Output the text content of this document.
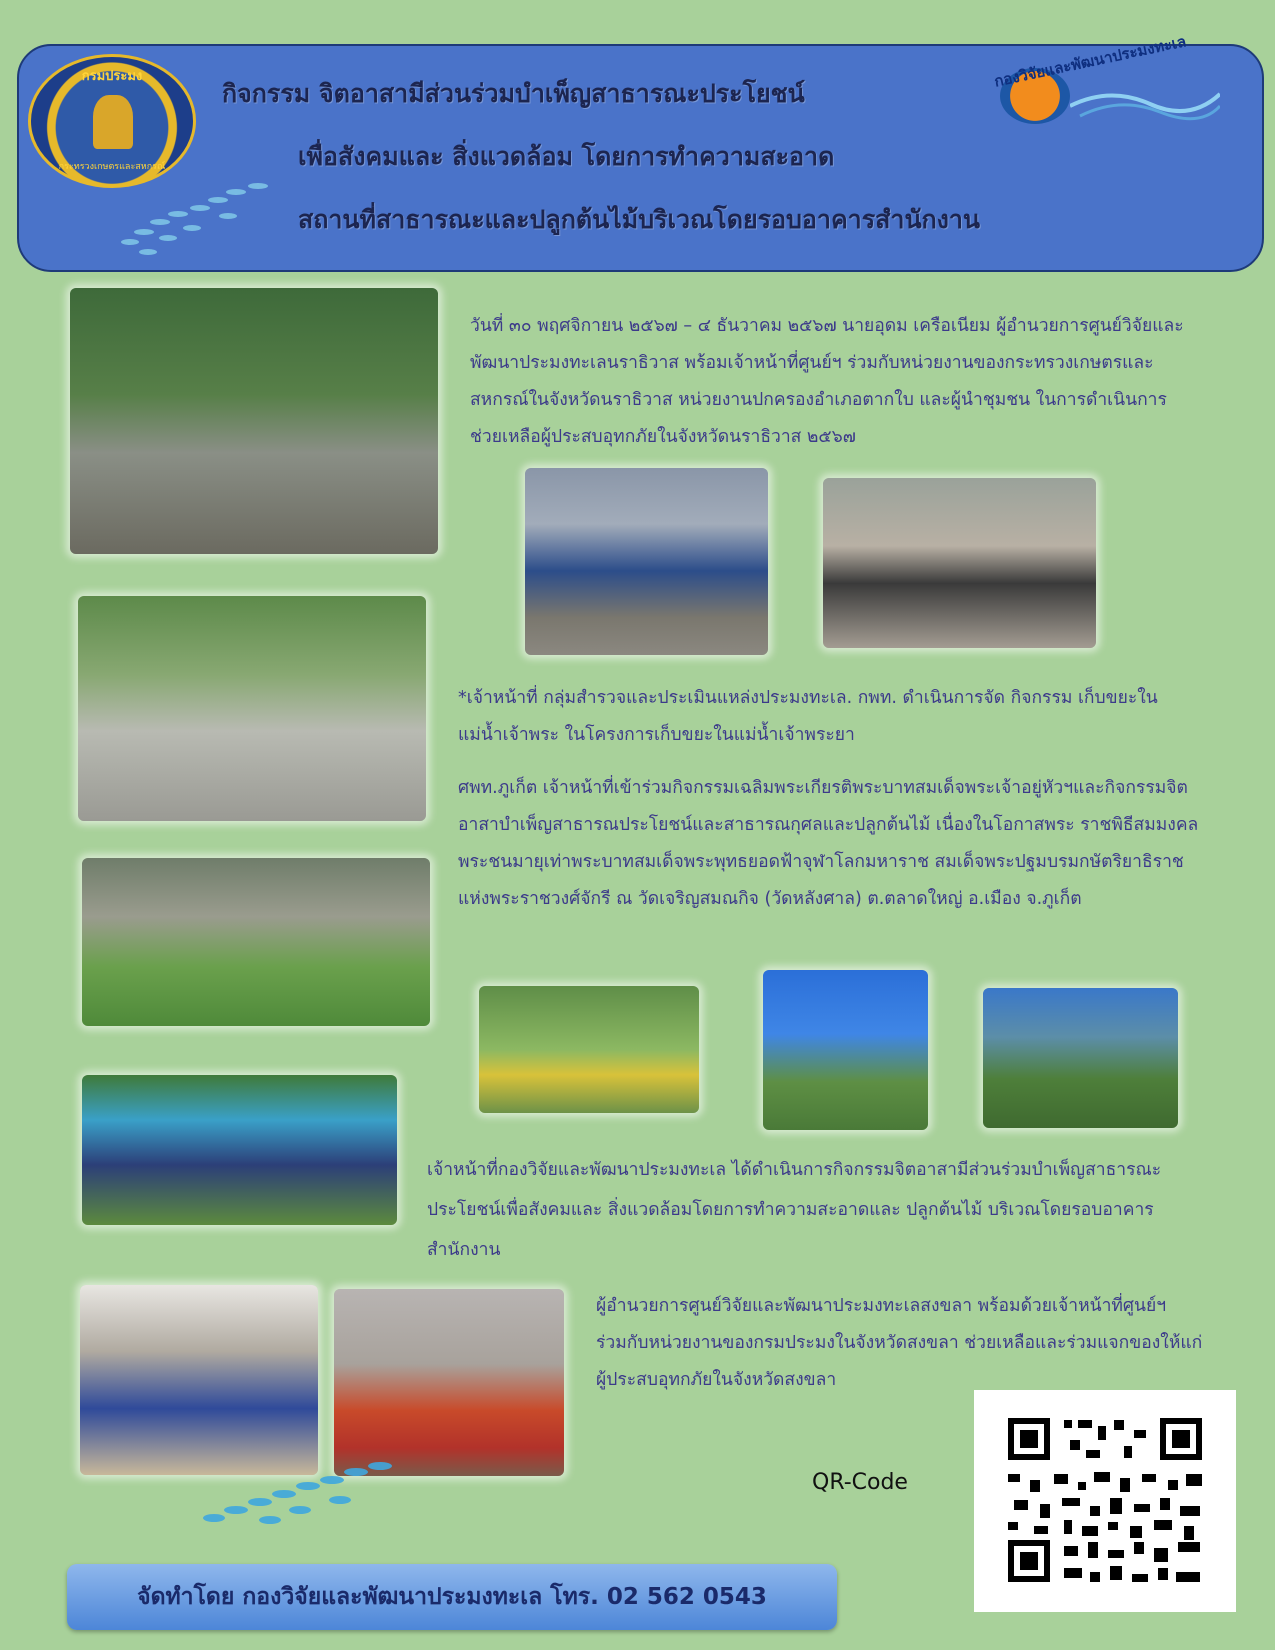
กรมประมง
กระทรวงเกษตรและสหกรณ์
กิจกรรม จิตอาสามีส่วนร่วมบำเพ็ญสาธารณะประโยชน์
เพื่อสังคมและ สิ่งแวดล้อม โดยการทำความสะอาด
สถานที่สาธารณะและปลูกต้นไม้บริเวณโดยรอบอาคารสำนักงาน
กองวิจัยและพัฒนาประมงทะเล
วันที่ ๓๐ พฤศจิกายน ๒๕๖๗ – ๔ ธันวาคม ๒๕๖๗ นายอุดม เครือเนียม ผู้อำนวยการศูนย์วิจัยและ
พัฒนาประมงทะเลนราธิวาส พร้อมเจ้าหน้าที่ศูนย์ฯ ร่วมกับหน่วยงานของกระทรวงเกษตรและ
สหกรณ์ในจังหวัดนราธิวาส หน่วยงานปกครองอำเภอตากใบ และผู้นำชุมชน ในการดำเนินการ
ช่วยเหลือผู้ประสบอุทกภัยในจังหวัดนราธิวาส ๒๕๖๗
*เจ้าหน้าที่ กลุ่มสำรวจและประเมินแหล่งประมงทะเล. กพท. ดำเนินการจัด กิจกรรม เก็บขยะใน
แม่น้ำเจ้าพระ ในโครงการเก็บขยะในแม่น้ำเจ้าพระยา
ศพท.ภูเก็ต เจ้าหน้าที่เข้าร่วมกิจกรรมเฉลิมพระเกียรติพระบาทสมเด็จพระเจ้าอยู่หัวฯและกิจกรรมจิต
อาสาบำเพ็ญสาธารณประโยชน์และสาธารณกุศลและปลูกต้นไม้ เนื่องในโอกาสพระ ราชพิธีสมมงคล
พระชนมายุเท่าพระบาทสมเด็จพระพุทธยอดฟ้าจุฬาโลกมหาราช สมเด็จพระปฐมบรมกษัตริยาธิราช
แห่งพระราชวงศ์จักรี ณ วัดเจริญสมณกิจ (วัดหลังศาล) ต.ตลาดใหญ่ อ.เมือง จ.ภูเก็ต
เจ้าหน้าที่กองวิจัยและพัฒนาประมงทะเล ได้ดำเนินการกิจกรรมจิตอาสามีส่วนร่วมบำเพ็ญสาธารณะ
ประโยชน์เพื่อสังคมและ สิ่งแวดล้อมโดยการทำความสะอาดและ ปลูกต้นไม้ บริเวณโดยรอบอาคาร
สำนักงาน
ผู้อำนวยการศูนย์วิจัยและพัฒนาประมงทะเลสงขลา พร้อมด้วยเจ้าหน้าที่ศูนย์ฯ
ร่วมกับหน่วยงานของกรมประมงในจังหวัดสงขลา ช่วยเหลือและร่วมแจกของให้แก่
ผู้ประสบอุทกภัยในจังหวัดสงขลา
QR-Code
จัดทำโดย กองวิจัยและพัฒนาประมงทะเล โทร. 02 562 0543
